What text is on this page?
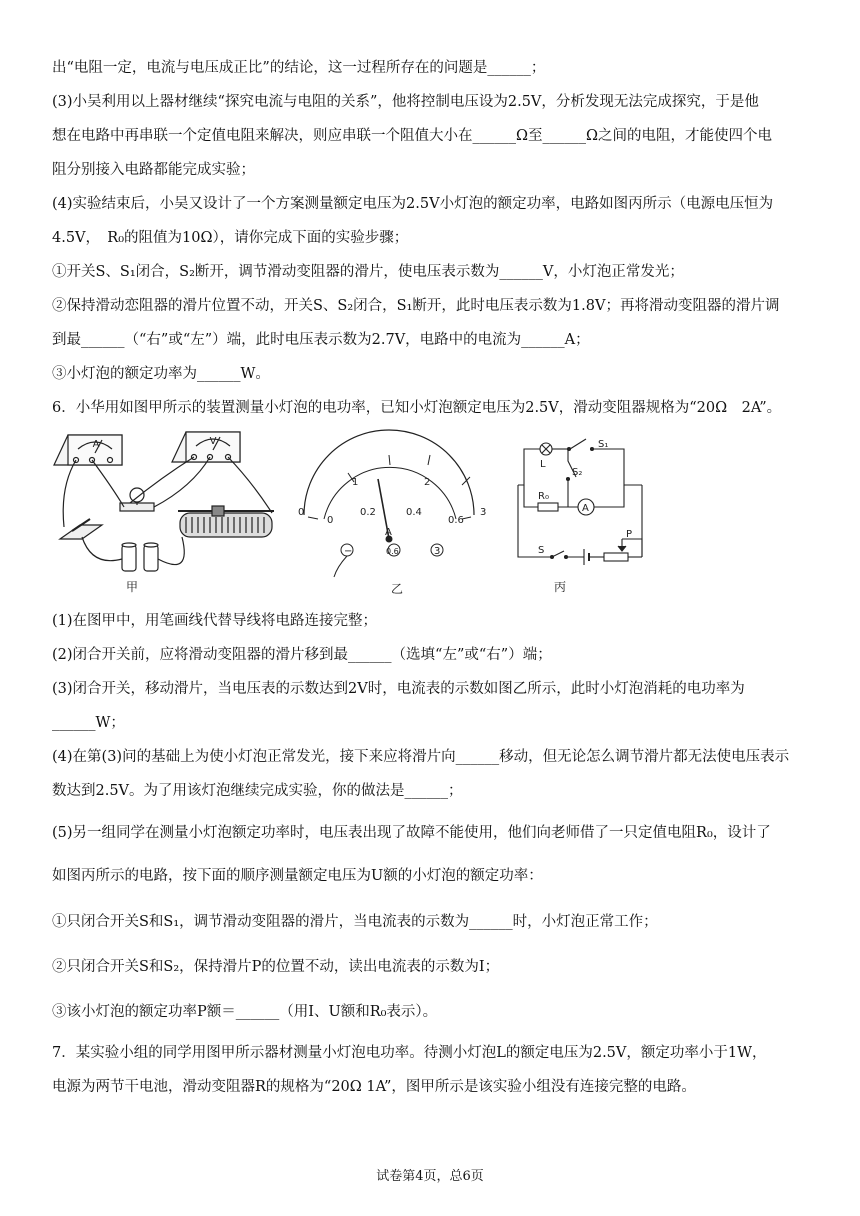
出“电阻一定，电流与电压成正比”的结论，这一过程所存在的问题是______；
(3)小吴利用以上器材继续“探究电流与电阻的关系”，他将控制电压设为2.5V，分析发现无法完成探究，于是他
想在电路中再串联一个定值电阻来解决，则应串联一个阻值大小在______Ω至______Ω之间的电阻，才能使四个电
阻分别接入电路都能完成实验；
(4)实验结束后，小吴又设计了一个方案测量额定电压为2.5V小灯泡的额定功率，电路如图丙所示（电源电压恒为
4.5V，　R₀的阻值为10Ω），请你完成下面的实验步骤；
①开关S、S₁闭合，S₂断开，调节滑动变阻器的滑片，使电压表示数为______V，小灯泡正常发光；
②保持滑动恋阻器的滑片位置不动，开关S、S₂闭合，S₁断开，此时电压表示数为1.8V；再将滑动变阻器的滑片调
到最______（“右”或“左”）端，此时电压表示数为2.7V，电路中的电流为______A；
③小灯泡的额定功率为______W。
6．小华用如图甲所示的装置测量小灯泡的电功率，已知小灯泡额定电压为2.5V，滑动变阻器规格为“20Ω　2A”。
A	V
甲
0
1	2
3
0
0.2	0.4
0.6
A
−	0.6	3
乙
L
S₁
S₂
R₀
A
S
P
丙
(1)在图甲中，用笔画线代替导线将电路连接完整；
(2)闭合开关前，应将滑动变阻器的滑片移到最______（选填“左”或“右”）端；
(3)闭合开关，移动滑片，当电压表的示数达到2V时，电流表的示数如图乙所示，此时小灯泡消耗的电功率为
______W；
(4)在第(3)问的基础上为使小灯泡正常发光，接下来应将滑片向______移动，但无论怎么调节滑片都无法使电压表示
数达到2.5V。为了用该灯泡继续完成实验，你的做法是______；
(5)另一组同学在测量小灯泡额定功率时，电压表出现了故障不能使用，他们向老师借了一只定值电阻R₀，设计了
如图丙所示的电路，按下面的顺序测量额定电压为U额的小灯泡的额定功率：
①只闭合开关S和S₁，调节滑动变阻器的滑片，当电流表的示数为______时，小灯泡正常工作；
②只闭合开关S和S₂，保持滑片P的位置不动，读出电流表的示数为I；
③该小灯泡的额定功率P额＝______（用I、U额和R₀表示）。
7．某实验小组的同学用图甲所示器材测量小灯泡电功率。待测小灯泡L的额定电压为2.5V，额定功率小于1W，
电源为两节干电池，滑动变阻器R的规格为“20Ω 1A”，图甲所示是该实验小组没有连接完整的电路。
试卷第4页，总6页
